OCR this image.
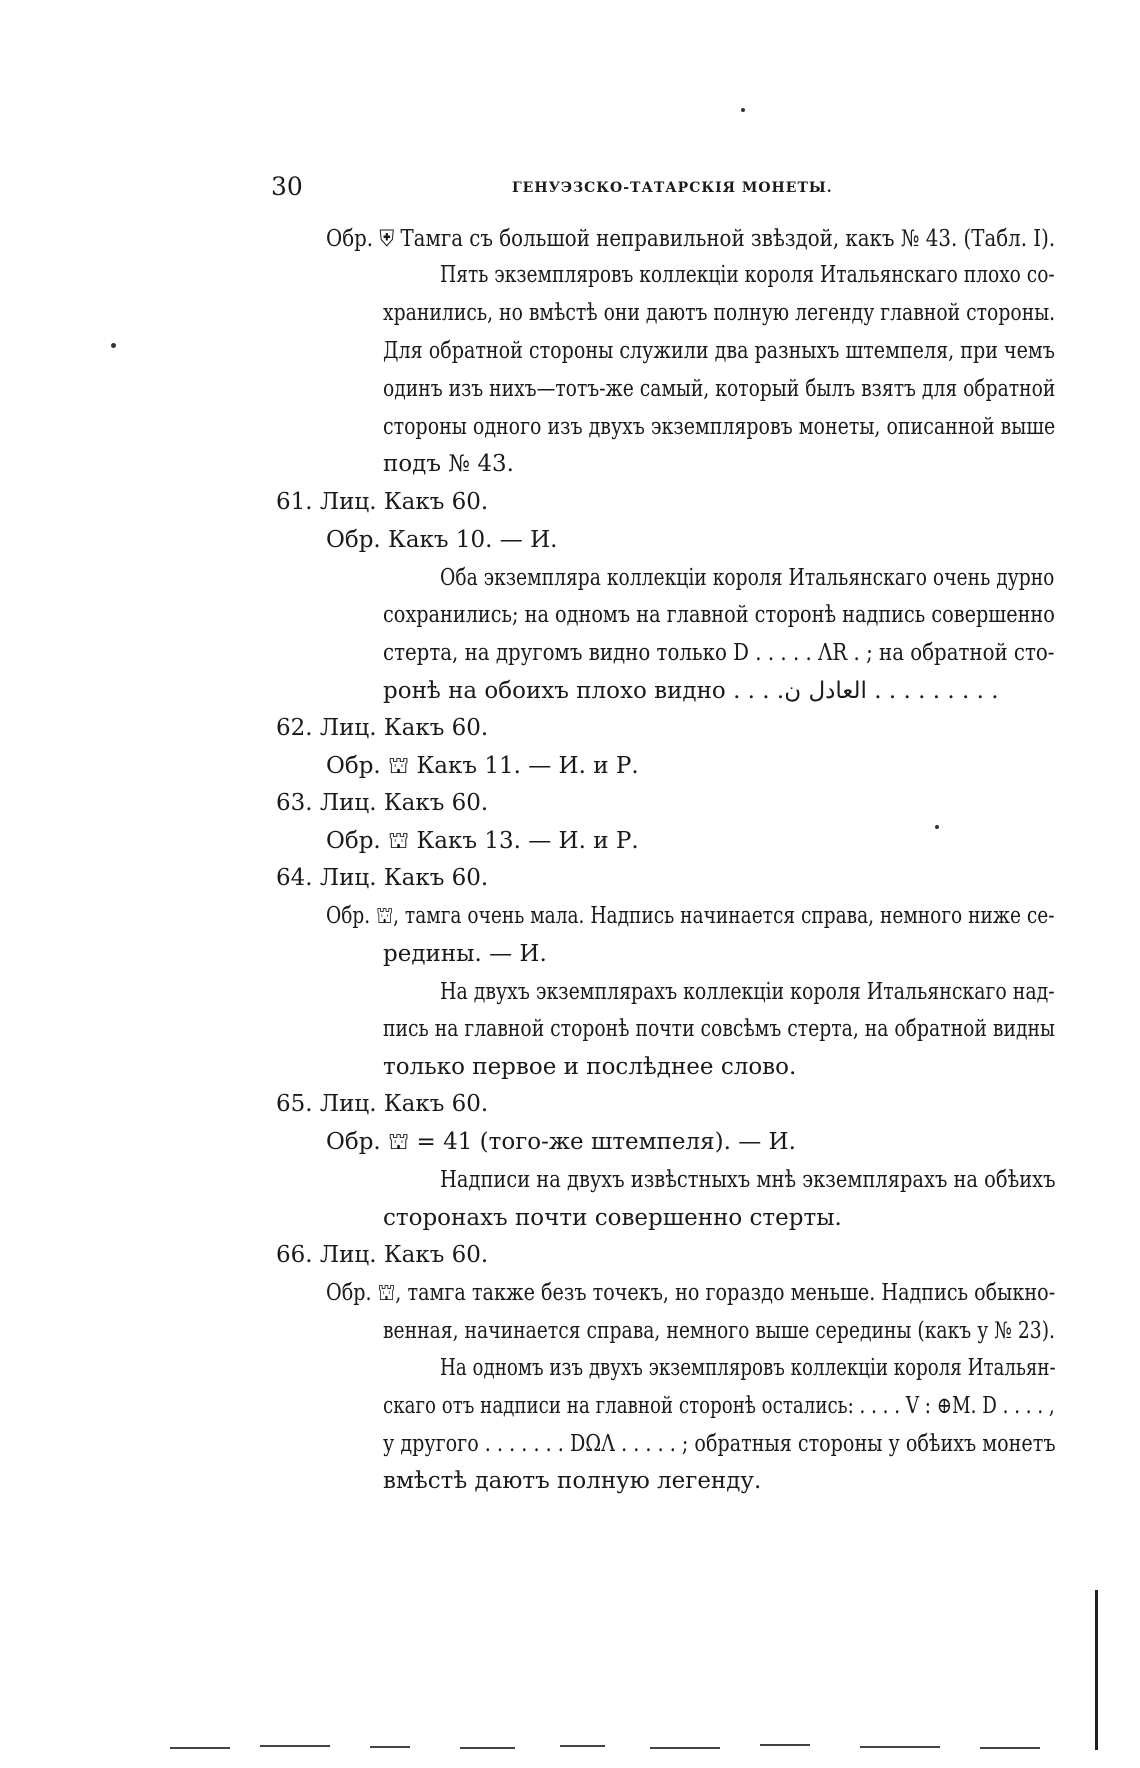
30	ГЕНУЭЗСКО-ТАТАРСКІЯ МОНЕТЫ.
Обр. ⛨ Тамга съ большой неправильной звѣздой, какъ № 43. (Табл. I).
Пять экземпляровъ коллекціи короля Итальянскаго плохо со-
хранились, но вмѣстѣ они даютъ полную легенду главной стороны.
Для обратной стороны служили два разныхъ штемпеля, при чемъ
одинъ изъ нихъ—тотъ-же самый, который былъ взятъ для обратной
стороны одного изъ двухъ экземпляровъ монеты, описанной выше
подъ № 43.
61. Лиц. Какъ 60.
Обр. Какъ 10. — И.
Оба экземпляра коллекціи короля Итальянскаго очень дурно
сохранились; на одномъ на главной сторонѣ надпись совершенно
стерта, на другомъ видно только D . . . . . ΛR . ; на обратной сто-
ронѣ на обоихъ плохо видно . . . .العادل ن . . . . . . . . .
62. Лиц. Какъ 60.
Обр. ⛫ Какъ 11. — И. и Р.
63. Лиц. Какъ 60.
Обр. ⛫ Какъ 13. — И. и Р.
64. Лиц. Какъ 60.
Обр. ⛫, тамга очень мала. Надпись начинается справа, немного ниже се-
редины. — И.
На двухъ экземплярахъ коллекціи короля Итальянскаго над-
пись на главной сторонѣ почти совсѣмъ стерта, на обратной видны
только первое и послѣднее слово.
65. Лиц. Какъ 60.
Обр. ⛫ = 41 (того-же штемпеля). — И.
Надписи на двухъ извѣстныхъ мнѣ экземплярахъ на обѣихъ
сторонахъ почти совершенно стерты.
66. Лиц. Какъ 60.
Обр. ⛫, тамга также безъ точекъ, но гораздо меньше. Надпись обыкно-
венная, начинается справа, немного выше середины (какъ у № 23).
На одномъ изъ двухъ экземпляровъ коллекціи короля Итальян-
скаго отъ надписи на главной сторонѣ остались: . . . . V : ⊕M. D . . . . ,
у другого . . . . . . . DΩΛ . . . . . ; обратныя стороны у обѣихъ монетъ
вмѣстѣ даютъ полную легенду.
